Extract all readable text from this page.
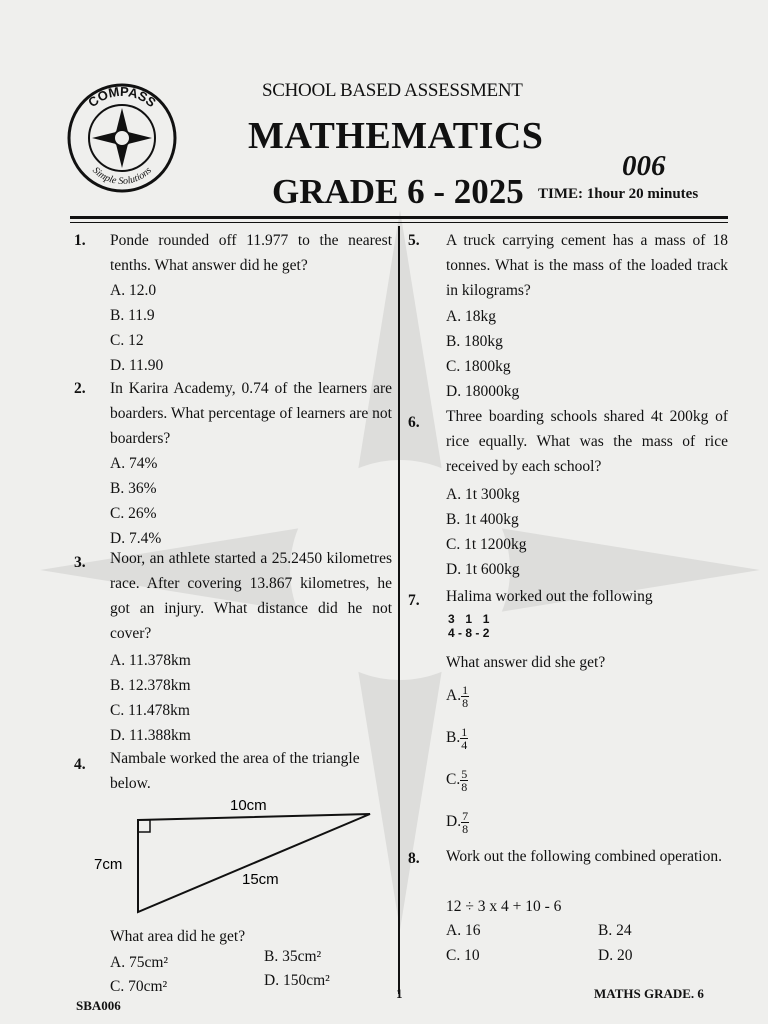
COMPASS
Simple Solutions
SCHOOL BASED ASSESSMENT
MATHEMATICS
006
GRADE 6 - 2025 TIME: 1hour 20 minutes
1.	Ponde rounded off 11.977 to the nearest tenths. What answer did he get?
A. 12.0
B. 11.9
C. 12
D. 11.90
2.	In Karira Academy, 0.74 of the learners are boarders. What percentage of learners are not boarders?
A. 74%
B. 36%
C. 26%
D. 7.4%
3.	Noor, an athlete started a 25.2450 kilometres race. After covering 13.867 kilometres, he got an injury. What distance did he not cover?
A. 11.378km
B. 12.378km
C. 11.478km
D. 11.388km
4.	Nambale worked the area of the triangle below.
10cm
7cm
15cm
What area did he get?
A. 75cm²	B. 35cm²
C. 70cm²	D. 150cm²
5.	A truck carrying cement has a mass of 18 tonnes. What is the mass of the loaded track in kilograms?
A. 18kg
B. 180kg
C. 1800kg
D. 18000kg
6.	Three boarding schools shared 4t 200kg of rice equally. What was the mass of rice received by each school?
A. 1t 300kg
B. 1t 400kg
C. 1t 1200kg
D. 1t 600kg
7.	Halima worked out the following
3
4 -
1
8 -
1
2
What answer did she get?
A. $\frac{1}{8}$
B. $\frac{1}{4}$
C. $\frac{5}{8}$
D. $\frac{7}{8}$
8.	Work out the following combined operation.
12 ÷ 3 x 4 + 10 - 6
A. 16	B. 24
C. 10	D. 20
SBA006
1	MATHS GRADE. 6
